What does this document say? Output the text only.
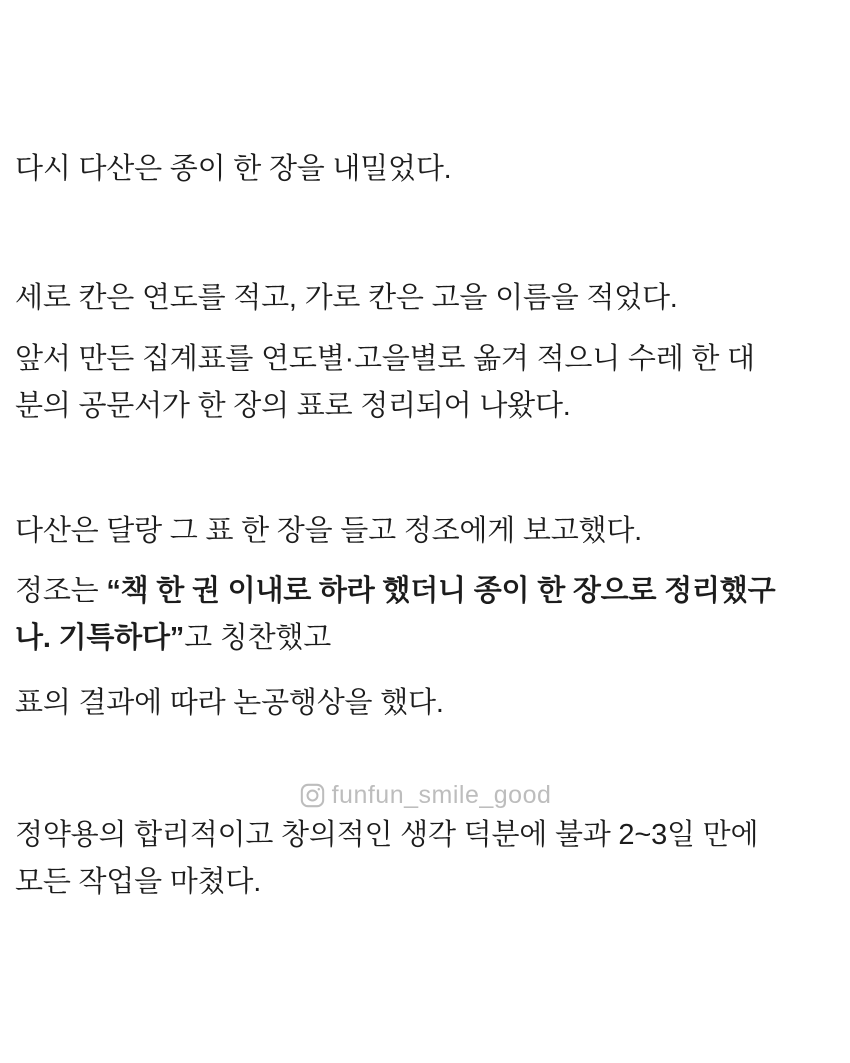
다시 다산은 종이 한 장을 내밀었다.
세로 칸은 연도를 적고, 가로 칸은 고을 이름을 적었다.
앞서 만든 집계표를 연도별·고을별로 옮겨 적으니 수레 한 대
분의 공문서가 한 장의 표로 정리되어 나왔다.
다산은 달랑 그 표 한 장을 들고 정조에게 보고했다.
정조는 “책 한 권 이내로 하라 했더니 종이 한 장으로 정리했구
나. 기특하다”고 칭찬했고
표의 결과에 따라 논공행상을 했다.
funfun_smile_good
정약용의 합리적이고 창의적인 생각 덕분에 불과 2~3일 만에
모든 작업을 마쳤다.
